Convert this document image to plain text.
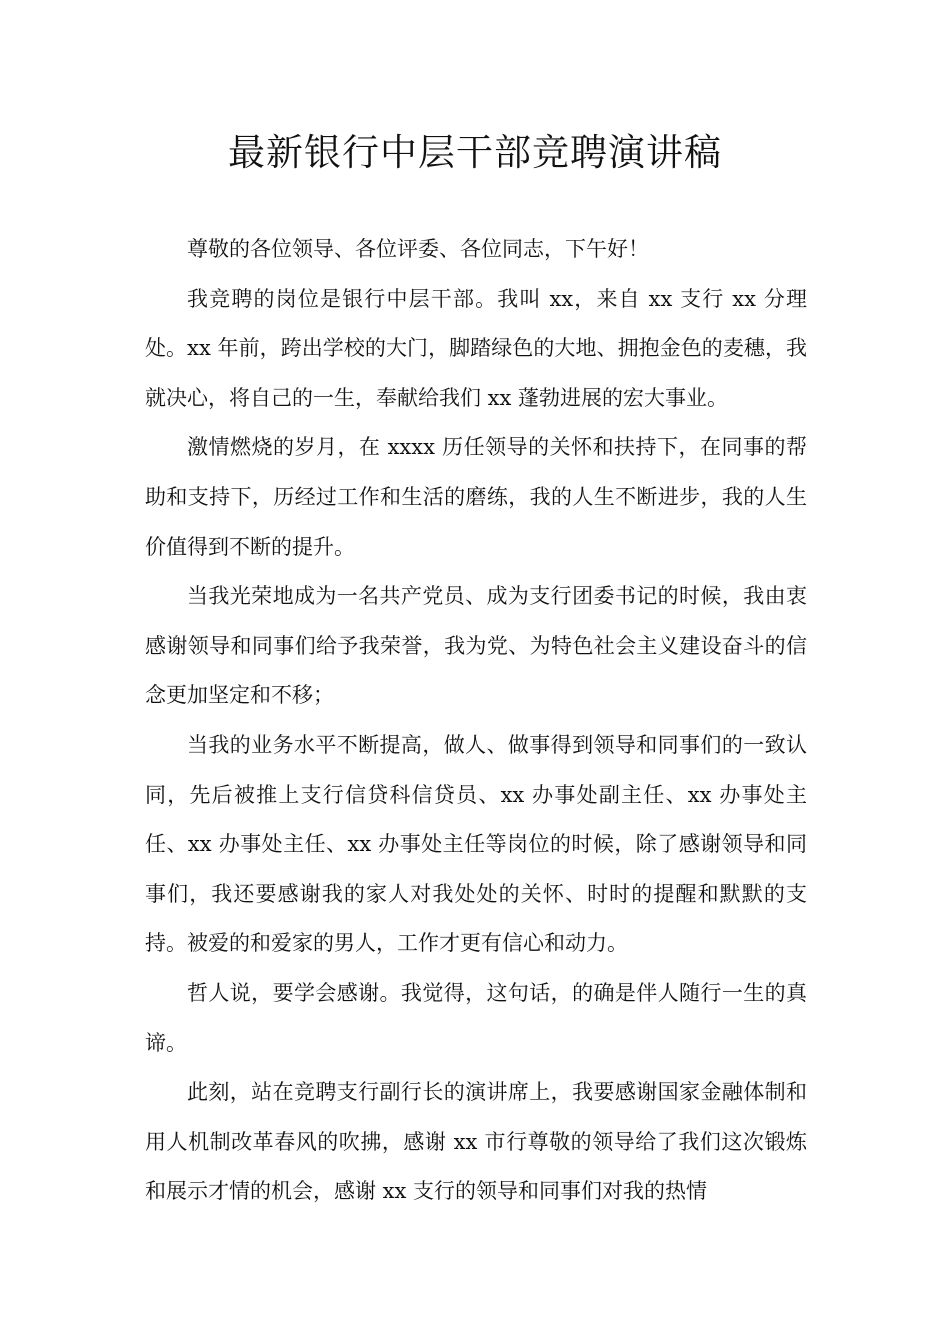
最新银行中层干部竞聘演讲稿

尊敬的各位领导、各位评委、各位同志，下午好！

我竞聘的岗位是银行中层干部。我叫 xx，来自 xx 支行 xx 分理处。xx 年前，跨出学校的大门，脚踏绿色的大地、拥抱金色的麦穗，我就决心，将自己的一生，奉献给我们 xx 蓬勃进展的宏大事业。

激情燃烧的岁月，在 xxxx 历任领导的关怀和扶持下，在同事的帮助和支持下，历经过工作和生活的磨练，我的人生不断进步，我的人生价值得到不断的提升。

当我光荣地成为一名共产党员、成为支行团委书记的时候，我由衷感谢领导和同事们给予我荣誉，我为党、为特色社会主义建设奋斗的信念更加坚定和不移；

当我的业务水平不断提高，做人、做事得到领导和同事们的一致认同，先后被推上支行信贷科信贷员、xx 办事处副主任、xx 办事处主任、xx 办事处主任、xx 办事处主任等岗位的时候，除了感谢领导和同事们，我还要感谢我的家人对我处处的关怀、时时的提醒和默默的支持。被爱的和爱家的男人，工作才更有信心和动力。

哲人说，要学会感谢。我觉得，这句话，的确是伴人随行一生的真谛。

此刻，站在竞聘支行副行长的演讲席上，我要感谢国家金融体制和用人机制改革春风的吹拂，感谢 xx 市行尊敬的领导给了我们这次锻炼和展示才情的机会，感谢 xx 支行的领导和同事们对我的热情
